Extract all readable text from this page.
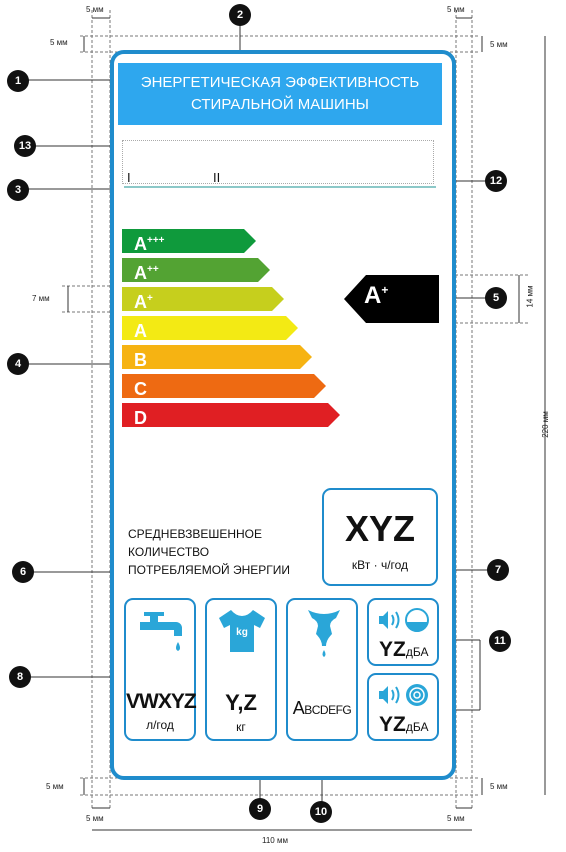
ЭНЕРГЕТИЧЕСКАЯ ЭФФЕКТИВНОСТЬ
СТИРАЛЬНОЙ МАШИНЫ
I	II
A+++
A++
A+
A
B
C
D
A+
СРЕДНЕВЗВЕШЕННОЕ
КОЛИЧЕСТВО
ПОТРЕБЛЯЕМОЙ ЭНЕРГИИ
XYZ
кВт · ч/год
VWXYZ
л/год
kg
Y,Z
кг
ABCDEFG
YZдБА
YZдБА
5 мм	5 мм
5 мм	5 мм
7 мм	14 мм
220 мм
5 мм	5 мм
5 мм	5 мм
110 мм
1
2
3
4
5
6	7
8
9	10
11
12
13
